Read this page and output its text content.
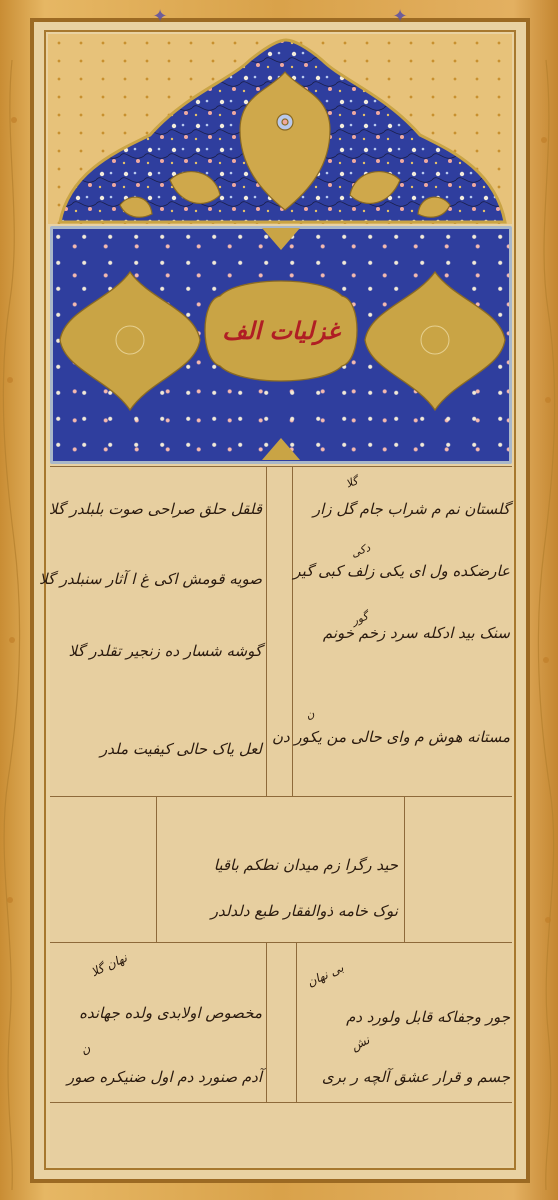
✦	✦
غزلیات الف
گلستان نم م شراب جام گل زار
عارضکده ول ای یکی زلف کبی گیر
سنک بید ادکله سرد زخم خونم
مستانه هوش م وای حالی من یکور دن
قلقل حلق صراحی صوت بلبلدر گلا
صویه قومش اکی غ ا آثار سنبلدر گلا
گوشه شسار ده زنجیر تقلدر گلا
لعل یاک حالی کیفیت ملدر
حید رگرا زم میدان نطکم باقیا
نوک خامه ذوالفقار طبع دلدلدر
جور وجفاکه قابل ولورد دم
جسم و قرار عشق آلچه ر بری
مخصوص اولابدی ولده جهانده
آدم صنورد دم اول ضنیکره صور
گلا
دکی
گور
ن
بی نهان
نش
نهان گلا
ن
